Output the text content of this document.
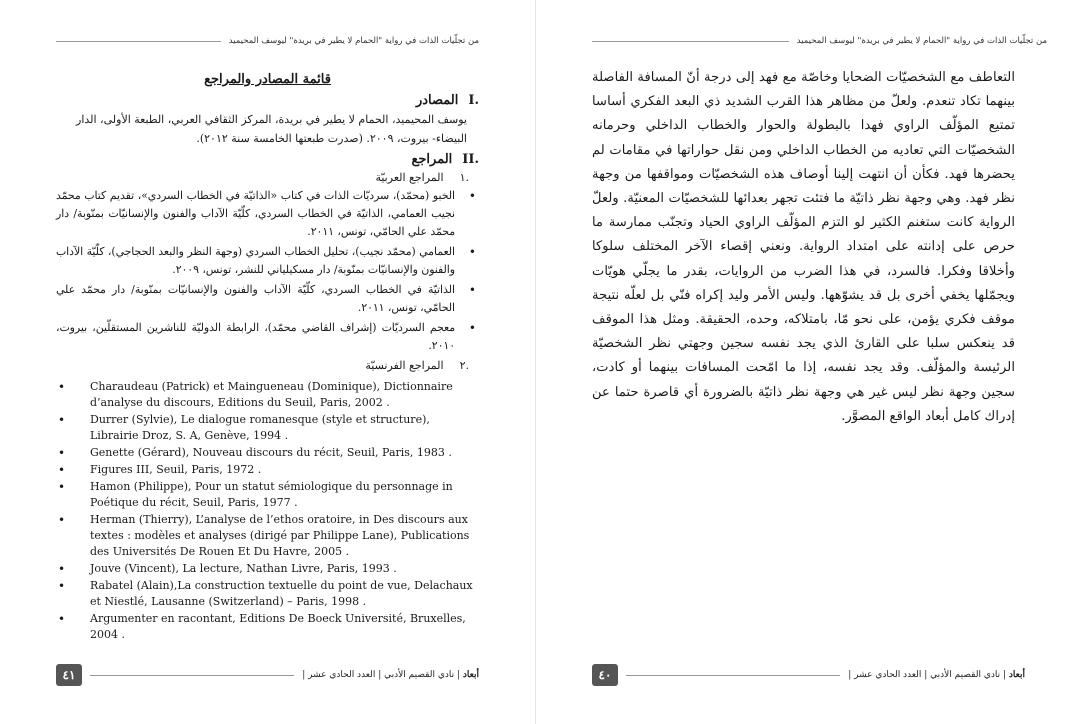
من تجلّيات الذات في رواية "الحمام لا يطير في بريدة" ليوسف المحيميد
قائمة المصادر والمراجع
.I
المصادر

يوسف المحيميد، الحمام لا يطير في بريدة، المركز الثقافي العربي، الطبعة الأولى، الدار البيضاء- بيروت، ٢٠٠٩. (صدرت طبعتها الخامسة سنة ٢٠١٢).

.II
المراجع
.١
المراجع العربيّة
•
الخبو (محمّد)، سرديّات الذات في كتاب «الذاتيّة في الخطاب السردي»، تقديم كتاب محمّد نجيب العمامي، الذاتيّة في الخطاب السردي، كلّيّة الآداب والفنون والإنسانيّات بمنّوبة/ دار محمّد علي الحامّي، تونس، ٢٠١١.
•
العمامي (محمّد نجيب)، تحليل الخطاب السردي (وجهة النظر والبعد الحجاجي)، كلّيّة الآداب والفنون والإنسانيّات بمنّوبة/ دار مسكيلياني للنشر، تونس، ٢٠٠٩.
•
الذاتيّة في الخطاب السردي، كلّيّة الآداب والفنون والإنسانيّات بمنّوبة/ دار محمّد علي الحامّي، تونس، ٢٠١١.
•
معجم السرديّات (إشراف القاضي محمّد)، الرابطة الدوليّة للناشرين المستقلّين، بيروت، ٢٠١٠.
.٢
المراجع الفرنسيّة
• Charaudeau (Patrick) et Maingueneau (Dominique), Dictionnaire d’analyse du discours, Editions du Seuil, Paris, 2002 .
• Durrer (Sylvie), Le dialogue romanesque (style et structure), Librairie Droz, S. A, Genève, 1994 .
• Genette (Gérard), Nouveau discours du récit, Seuil, Paris, 1983 .
• Figures III, Seuil, Paris, 1972 .
• Hamon (Philippe), Pour un statut sémiologique du personnage in Poétique du récit, Seuil, Paris, 1977 .
• Herman (Thierry), L’analyse de l’ethos oratoire, in Des discours aux textes : modèles et analyses (dirigé par Philippe Lane), Publications des Universités De Rouen Et Du Havre, 2005 .
• Jouve (Vincent), La lecture, Nathan Livre, Paris, 1993 .
• Rabatel (Alain),La construction textuelle du point de vue, Delachaux et Niestlé, Lausanne (Switzerland) – Paris, 1998 .
• Argumenter en racontant, Editions De Boeck Université, Bruxelles, 2004 .
٤١	أبعاد | نادي القصيم الأدبي | العدد الحادي عشر |
من تجلّيات الذات في رواية "الحمام لا يطير في بريدة" ليوسف المحيميد

التعاطف مع الشخصيّات الضحايا وخاصّة مع فهد إلى درجة أنّ المسافة الفاصلة بينهما تكاد تنعدم. ولعلّ من مظاهر هذا القرب الشديد ذي البعد الفكري أساسا تمتيع المؤلّف الراوي فهدا بالبطولة والحوار والخطاب الداخلي وحرمانه الشخصيّات التي تعاديه من الخطاب الداخلي ومن نقل حواراتها في مقامات لم يحضرها فهد. فكأن أن انتهت إلينا أوصاف هذه الشخصيّات ومواقفها من وجهة نظر فهد. وهي وجهة نظر ذاتيّة ما فتئت تجهر بعدائها للشخصيّات المعنيّة. ولعلّ الرواية كانت ستغنم الكثير لو التزم المؤلّف الراوي الحياد وتجنّب ممارسة ما حرص على إدانته على امتداد الرواية. ونعني إقصاء الآخر المختلف سلوكا وأخلاقا وفكرا. فالسرد، في هذا الضرب من الروايات، بقدر ما يجلّي هويّات ويجمّلها يخفي أخرى بل قد يشوّهها. وليس الأمر وليد إكراه فنّي بل لعلّه نتيجة موقف فكري يؤمن، على نحو مّا، بامتلاكه، وحده، الحقيقة. ومثل هذا الموقف قد ينعكس سلبا على القارئ الذي يجد نفسه سجين وجهتي نظر الشخصيّة الرئيسة والمؤلّف. وقد يجد نفسه، إذا ما امّحت المسافات بينهما أو كادت، سجين وجهة نظر ليس غير هي وجهة نظر ذاتيّة بالضرورة أي قاصرة حتما عن إدراك كامل أبعاد الواقع المصوَّر.

٤٠	أبعاد | نادي القصيم الأدبي | العدد الحادي عشر |
